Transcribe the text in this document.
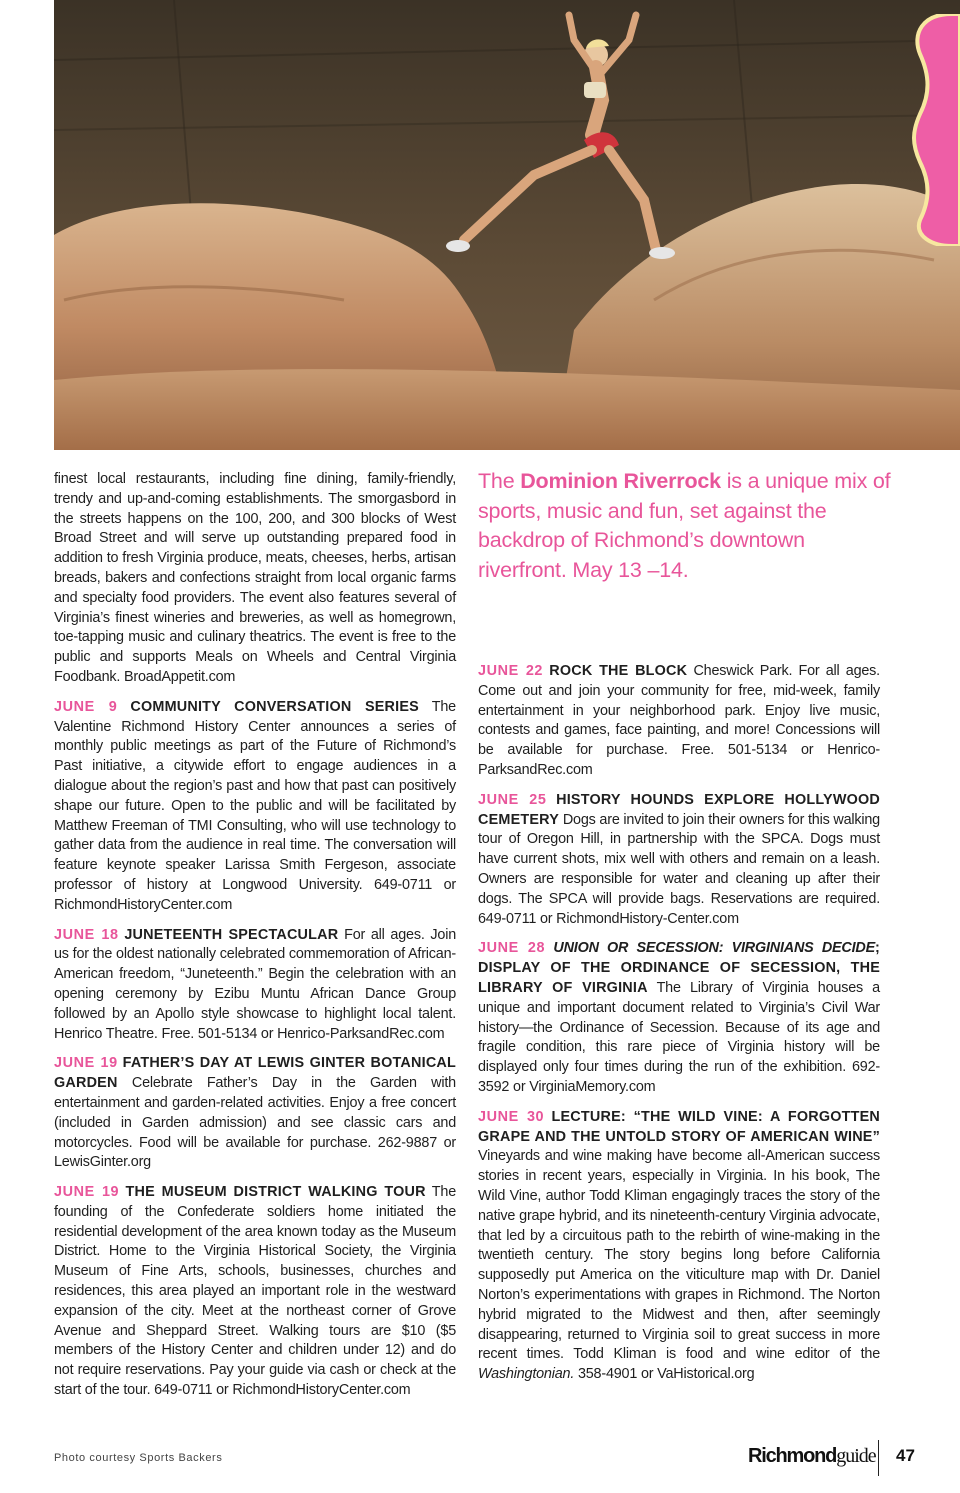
finest local restaurants, including fine dining, family-friendly, trendy and up-and-coming establishments. The smorgasbord in the streets happens on the 100, 200, and 300 blocks of West Broad Street and will serve up outstanding prepared food in addition to fresh Virginia produce, meats, cheeses, herbs, artisan breads, bakers and confections straight from local organic farms and specialty food providers. The event also features several of Virginia’s finest wineries and breweries, as well as homegrown, toe-tapping music and culinary theatrics. The event is free to the public and supports Meals on Wheels and Central Virginia Foodbank. BroadAppetit.com

JUNE 9 COMMUNITY CONVERSATION SERIES The Valentine Richmond History Center announces a series of monthly public meetings as part of the Future of Richmond’s Past initiative, a citywide effort to engage audiences in a dialogue about the region’s past and how that past can positively shape our future. Open to the public and will be facilitated by Matthew Freeman of TMI Consulting, who will use technology to gather data from the audience in real time. The conversation will feature keynote speaker Larissa Smith Fergeson, associate professor of history at Longwood University. 649-0711 or RichmondHistoryCenter.com

JUNE 18 JUNETEENTH SPECTACULAR For all ages. Join us for the oldest nationally celebrated commemoration of African-American freedom, “Juneteenth.” Begin the celebration with an opening ceremony by Ezibu Muntu African Dance Group followed by an Apollo style showcase to highlight local talent. Henrico Theatre. Free. 501-5134 or Henrico-ParksandRec.com

JUNE 19 FATHER’S DAY AT LEWIS GINTER BOTANICAL GARDEN Celebrate Father’s Day in the Garden with entertainment and garden-related activities. Enjoy a free concert (included in Garden admission) and see classic cars and motorcycles. Food will be available for purchase. 262-9887 or LewisGinter.org

JUNE 19 THE MUSEUM DISTRICT WALKING TOUR The founding of the Confederate soldiers home initiated the residential development of the area known today as the Museum District. Home to the Virginia Historical Society, the Virginia Museum of Fine Arts, schools, businesses, churches and residences, this area played an important role in the westward expansion of the city. Meet at the northeast corner of Grove Avenue and Sheppard Street. Walking tours are $10 ($5 members of the History Center and children under 12) and do not require reservations. Pay your guide via cash or check at the start of the tour. 649-0711 or RichmondHistoryCenter.com

The Dominion Riverrock is a unique mix of sports, music and fun, set against the backdrop of Richmond’s downtown riverfront. May 13 –14.

JUNE 22 ROCK THE BLOCK Cheswick Park. For all ages. Come out and join your community for free, mid-week, family entertainment in your neighborhood park. Enjoy live music, contests and games, face painting, and more! Concessions will be available for purchase. Free. 501-5134 or Henrico-ParksandRec.com

JUNE 25 HISTORY HOUNDS EXPLORE HOLLYWOOD CEMETERY Dogs are invited to join their owners for this walking tour of Oregon Hill, in partnership with the SPCA. Dogs must have current shots, mix well with others and remain on a leash. Owners are responsible for water and cleaning up after their dogs. The SPCA will provide bags. Reservations are required. 649-0711 or RichmondHistory-Center.com

JUNE 28 UNION OR SECESSION: VIRGINIANS DECIDE; DISPLAY OF THE ORDINANCE OF SECESSION, THE LIBRARY OF VIRGINIA The Library of Virginia houses a unique and important document related to Virginia’s Civil War history—the Ordinance of Secession. Because of its age and fragile condition, this rare piece of Virginia history will be displayed only four times during the run of the exhibition. 692-3592 or VirginiaMemory.com

JUNE 30 LECTURE: “THE WILD VINE: A FORGOTTEN GRAPE AND THE UNTOLD STORY OF AMERICAN WINE” Vineyards and wine making have become all-American success stories in recent years, especially in Virginia. In his book, The Wild Vine, author Todd Kliman engagingly traces the story of the native grape hybrid, and its nineteenth-century Virginia advocate, that led by a circuitous path to the rebirth of wine-making in the twentieth century. The story begins long before California supposedly put America on the viticulture map with Dr. Daniel Norton’s experimentations with grapes in Richmond. The Norton hybrid migrated to the Midwest and then, after seemingly disappearing, returned to Virginia soil to great success in more recent times. Todd Kliman is food and wine editor of the Washingtonian. 358-4901 or VaHistorical.org

Photo courtesy Sports Backers	Richmondguide 47
